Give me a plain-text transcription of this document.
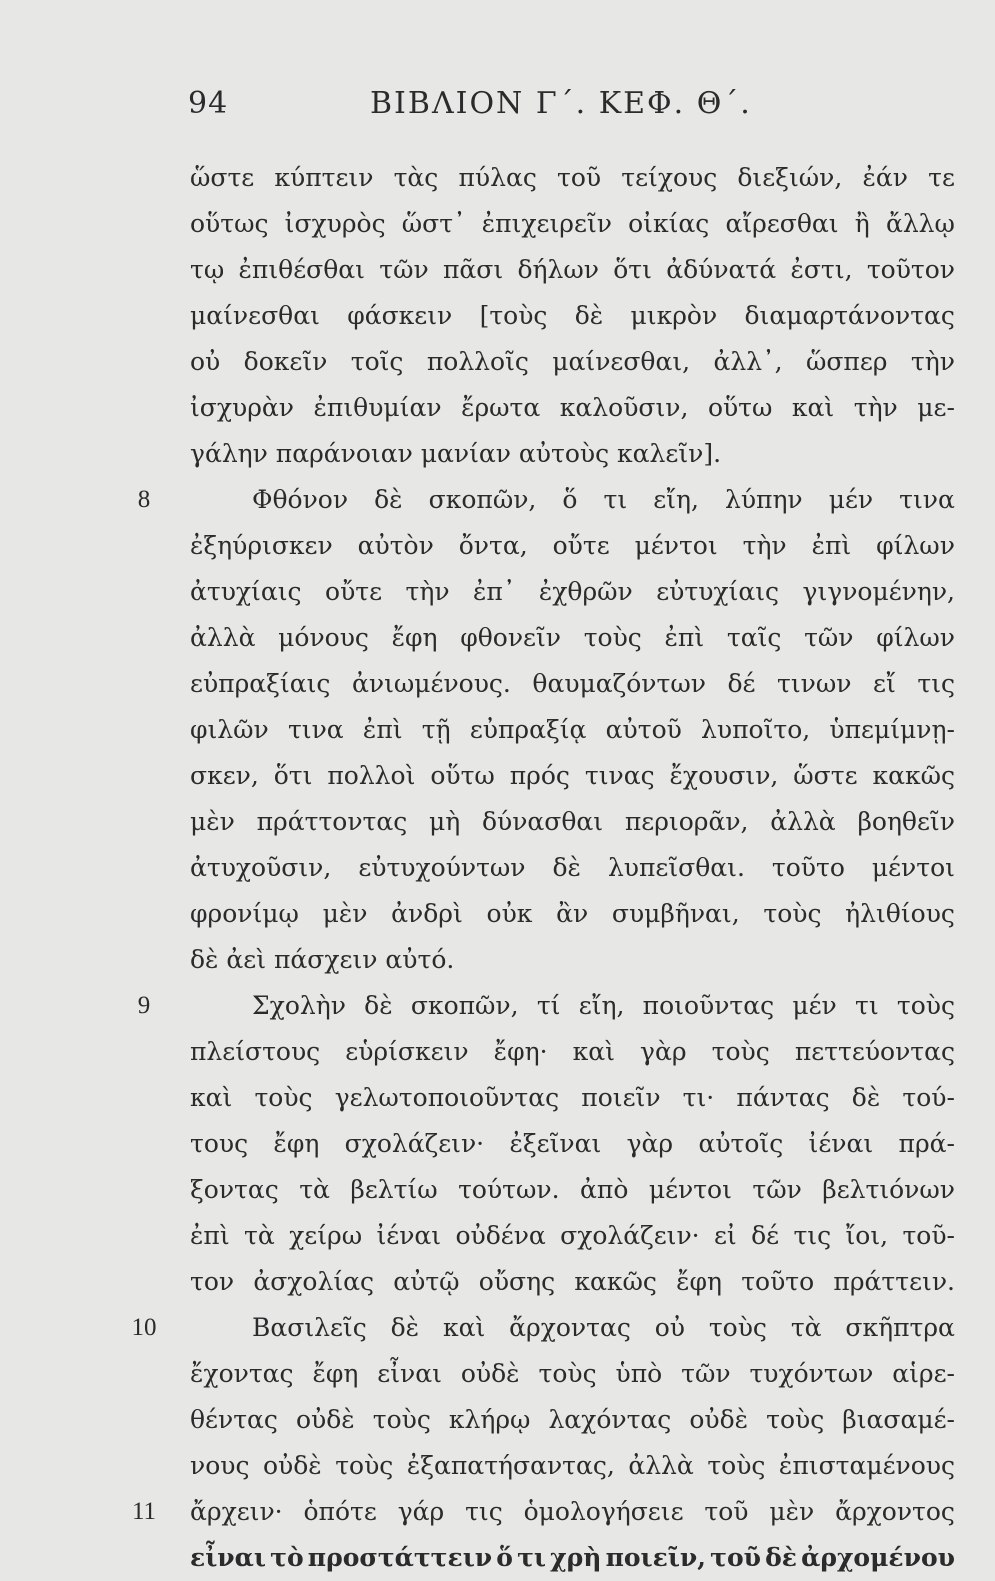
94	ΒΙΒΛΙΟΝ Γ΄. ΚΕΦ. Θ΄.
ὥστε κύπτειν τὰς πύλας τοῦ τείχους διεξιών, ἐάν τε
οὕτως ἰσχυρὸς ὥστ᾽ ἐπιχειρεῖν οἰκίας αἴρεσθαι ἢ ἄλλῳ
τῳ ἐπιθέσθαι τῶν πᾶσι δήλων ὅτι ἀδύνατά ἐστι, τοῦτον
μαίνεσθαι φάσκειν [τοὺς δὲ μικρὸν διαμαρτάνοντας
οὐ δοκεῖν τοῖς πολλοῖς μαίνεσθαι, ἀλλ᾽, ὥσπερ τὴν
ἰσχυρὰν ἐπιθυμίαν ἔρωτα καλοῦσιν, οὕτω καὶ τὴν με-
γάλην παράνοιαν μανίαν αὐτοὺς καλεῖν].
8	Φθόνον δὲ σκοπῶν, ὅ τι εἴη, λύπην μέν τινα
ἐξηύρισκεν αὐτὸν ὄντα, οὔτε μέντοι τὴν ἐπὶ φίλων
ἀτυχίαις οὔτε τὴν ἐπ᾽ ἐχθρῶν εὐτυχίαις γιγνομένην,
ἀλλὰ μόνους ἔφη φθονεῖν τοὺς ἐπὶ ταῖς τῶν φίλων
εὐπραξίαις ἀνιωμένους. θαυμαζόντων δέ τινων εἴ τις
φιλῶν τινα ἐπὶ τῇ εὐπραξίᾳ αὐτοῦ λυποῖτο, ὑπεμίμνῃ-
σκεν, ὅτι πολλοὶ οὕτω πρός τινας ἔχουσιν, ὥστε κακῶς
μὲν πράττοντας μὴ δύνασθαι περιορᾶν, ἀλλὰ βοηθεῖν
ἀτυχοῦσιν, εὐτυχούντων δὲ λυπεῖσθαι. τοῦτο μέντοι
φρονίμῳ μὲν ἀνδρὶ οὐκ ἂν συμβῆναι, τοὺς ἠλιθίους
δὲ ἀεὶ πάσχειν αὐτό.
9	Σχολὴν δὲ σκοπῶν, τί εἴη, ποιοῦντας μέν τι τοὺς
πλείστους εὑρίσκειν ἔφη· καὶ γὰρ τοὺς πεττεύοντας
καὶ τοὺς γελωτοποιοῦντας ποιεῖν τι· πάντας δὲ τού-
τους ἔφη σχολάζειν· ἐξεῖναι γὰρ αὐτοῖς ἰέναι πρά-
ξοντας τὰ βελτίω τούτων. ἀπὸ μέντοι τῶν βελτιόνων
ἐπὶ τὰ χείρω ἰέναι οὐδένα σχολάζειν· εἰ δέ τις ἴοι, τοῦ-
τον ἀσχολίας αὐτῷ οὔσης κακῶς ἔφη τοῦτο πράττειν.
10	Βασιλεῖς δὲ καὶ ἄρχοντας οὐ τοὺς τὰ σκῆπτρα
ἔχοντας ἔφη εἶναι οὐδὲ τοὺς ὑπὸ τῶν τυχόντων αἱρε-
θέντας οὐδὲ τοὺς κλήρῳ λαχόντας οὐδὲ τοὺς βιασαμέ-
νους οὐδὲ τοὺς ἐξαπατήσαντας, ἀλλὰ τοὺς ἐπισταμένους
11 ἄρχειν· ὁπότε γάρ τις ὁμολογήσειε τοῦ μὲν ἄρχοντος
εἶναι τὸ προστάττειν ὅ τι χρὴ ποιεῖν, τοῦ δὲ ἀρχομένου
